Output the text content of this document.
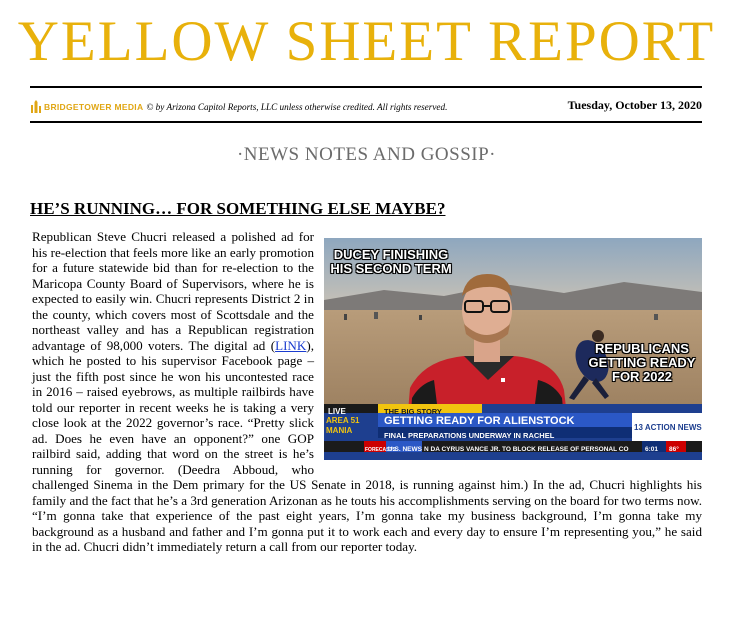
YELLOW SHEET REPORT
BRIDGETOWER MEDIA © by Arizona Capitol Reports, LLC unless otherwise credited. All rights reserved.	Tuesday, October 13, 2020
·NEWS NOTES AND GOSSIP·
HE’S RUNNING… FOR SOMETHING ELSE MAYBE?
DUCEY FINISHING HIS SECOND TERM
REPUBLICANS GETTING READY FOR 2022
LIVE	THE BIG STORY
AREA 51 MANIA
GETTING READY FOR ALIENSTOCK
FINAL PREPARATIONS UNDERWAY IN RACHEL
13 ACTION NEWS
FORECASTS
U.S. NEWS N DA CYRUS VANCE JR. TO BLOCK RELEASE OF PERSONAL CO	6:01 86°

Republican Steve Chucri released a polished ad for his re-election that feels more like an early promotion for a future statewide bid than for re-election to the Maricopa County Board of Supervisors, where he is expected to easily win. Chucri represents District 2 in the county, which covers most of Scottsdale and the northeast valley and has a Republican registration advantage of 98,000 voters. The digital ad (LINK), which he posted to his supervisor Facebook page – just the fifth post since he won his uncontested race in 2016 – raised eyebrows, as multiple railbirds have told our reporter in recent weeks he is taking a very close look at the 2022 governor’s race. “Pretty slick ad. Does he even have an opponent?” one GOP railbird said, adding that word on the street is he’s running for governor. (Deedra Abboud, who challenged Sinema in the Dem primary for the US Senate in 2018, is running against him.) In the ad, Chucri highlights his family and the fact that he’s a 3rd generation Arizonan as he touts his accomplishments serving on the board for two terms now. “I’m gonna take that experience of the past eight years, I’m gonna take my business background, I’m gonna take my background as a husband and father and I’m gonna put it to work each and every day to ensure I’m representing you,” he said in the ad. Chucri didn’t immediately return a call from our reporter today.
